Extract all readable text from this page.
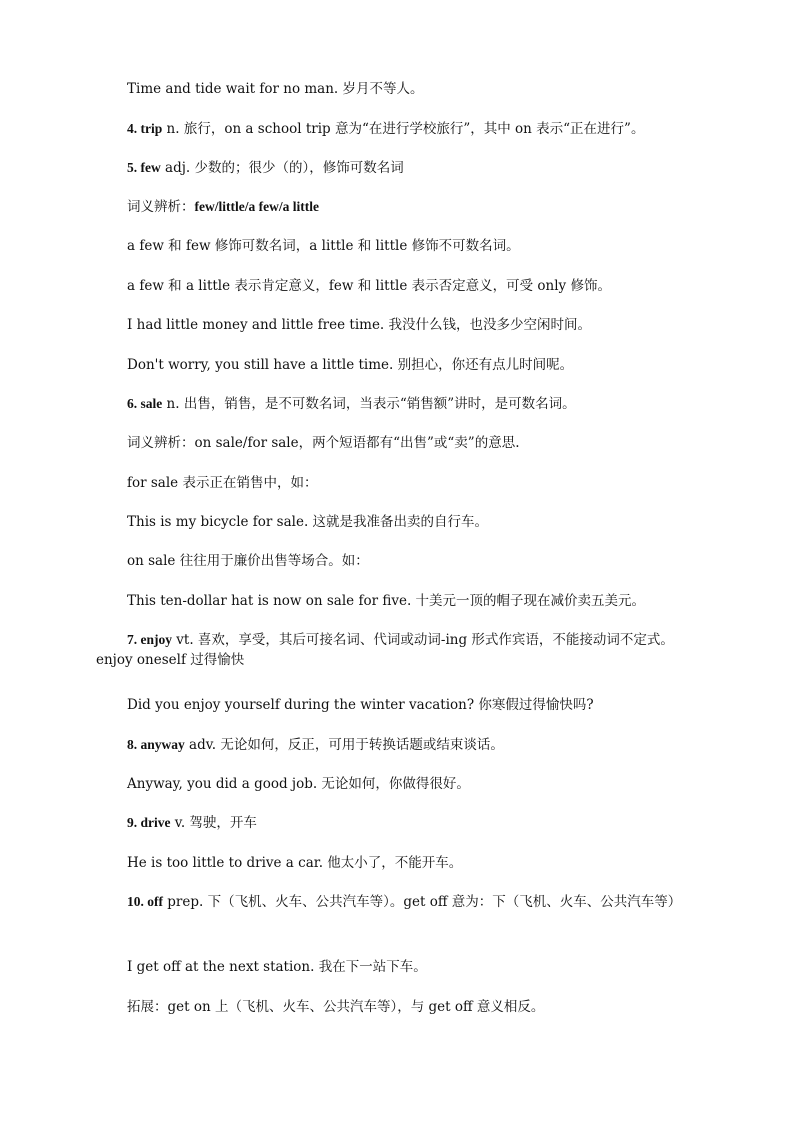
Time and tide wait for no man. 岁月不等人。
4. trip n. 旅行，on a school trip 意为“在进行学校旅行”，其中 on 表示“正在进行”。
5. few adj. 少数的；很少（的），修饰可数名词
词义辨析：few/little/a few/a little
a few 和 few 修饰可数名词，a little 和 little 修饰不可数名词。
a few 和 a little 表示肯定意义，few 和 little 表示否定意义，可受 only 修饰。
I had little money and little free time. 我没什么钱，也没多少空闲时间。
Don't worry, you still have a little time. 别担心，你还有点儿时间呢。
6. sale n. 出售，销售，是不可数名词，当表示“销售额”讲时，是可数名词。
词义辨析：on sale/for sale，两个短语都有“出售”或“卖”的意思.
for sale 表示正在销售中，如：
This is my bicycle for sale. 这就是我准备出卖的自行车。
on sale 往往用于廉价出售等场合。如：
This ten-dollar hat is now on sale for five. 十美元一顶的帽子现在减价卖五美元。
7. enjoy vt. 喜欢，享受，其后可接名词、代词或动词-ing 形式作宾语，不能接动词不定式。enjoy oneself 过得愉快
Did you enjoy yourself during the winter vacation? 你寒假过得愉快吗?
8. anyway adv. 无论如何，反正，可用于转换话题或结束谈话。
Anyway, you did a good job. 无论如何，你做得很好。
9. drive v. 驾驶，开车
He is too little to drive a car. 他太小了，不能开车。
10. off prep. 下（飞机、火车、公共汽车等）。get off 意为：下（飞机、火车、公共汽车等）
I get off at the next station. 我在下一站下车。
拓展：get on 上（飞机、火车、公共汽车等），与 get off 意义相反。
